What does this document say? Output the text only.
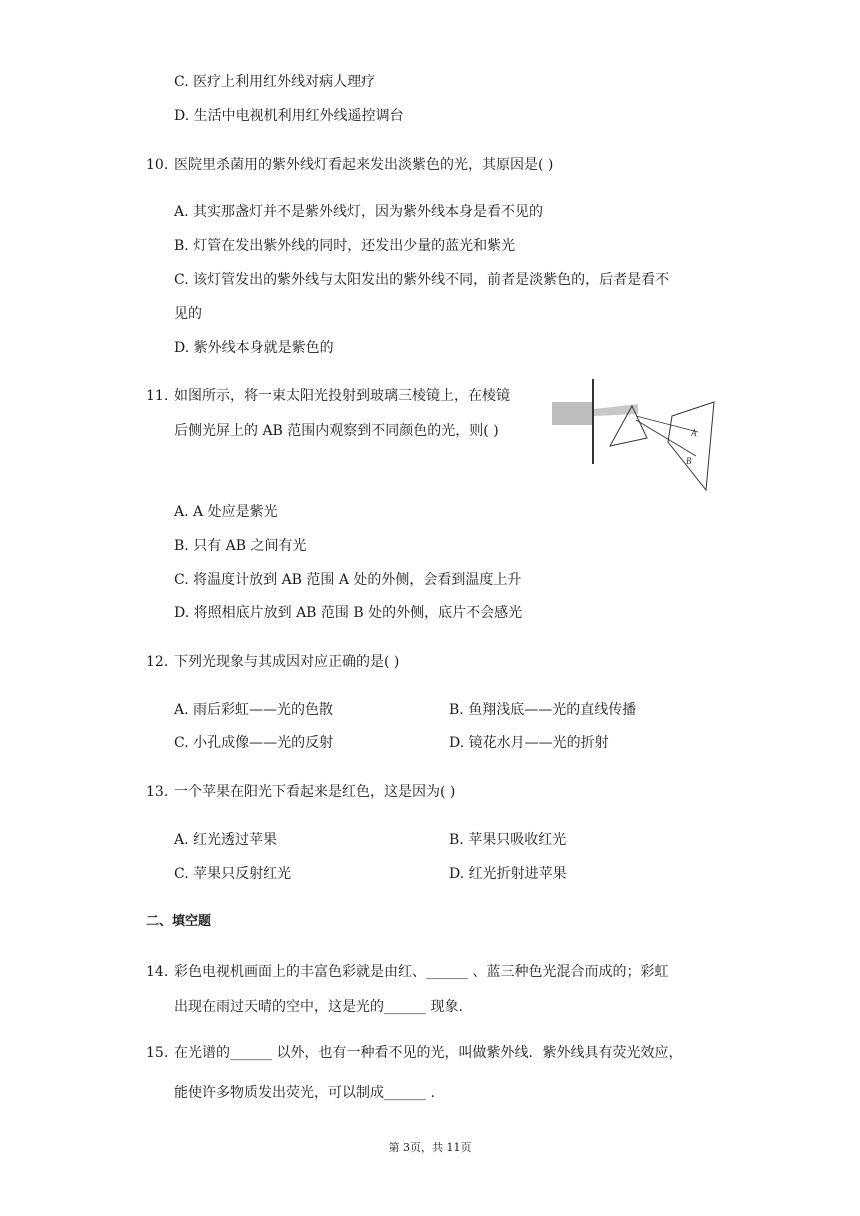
C. 医疗上利用红外线对病人理疗
D. 生活中电视机利用红外线遥控调台
10. 医院里杀菌用的紫外线灯看起来发出淡紫色的光，其原因是( )
A. 其实那盏灯并不是紫外线灯，因为紫外线本身是看不见的
B. 灯管在发出紫外线的同时，还发出少量的蓝光和紫光
C. 该灯管发出的紫外线与太阳发出的紫外线不同，前者是淡紫色的，后者是看不
见的
D. 紫外线本身就是紫色的
11. 如图所示，将一束太阳光投射到玻璃三棱镜上，在棱镜
后侧光屏上的 AB 范围内观察到不同颜色的光，则( )	A
B
A. A 处应是紫光
B. 只有 AB 之间有光
C. 将温度计放到 AB 范围 A 处的外侧，会看到温度上升
D. 将照相底片放到 AB 范围 B 处的外侧，底片不会感光
12. 下列光现象与其成因对应正确的是( )
A. 雨后彩虹——光的色散	B. 鱼翔浅底——光的直线传播
C. 小孔成像——光的反射	D. 镜花水月——光的折射
13. 一个苹果在阳光下看起来是红色，这是因为( )
A. 红光透过苹果	B. 苹果只吸收红光
C. 苹果只反射红光	D. 红光折射进苹果
二、填空题
14. 彩色电视机画面上的丰富色彩就是由红、______ 、蓝三种色光混合而成的；彩虹
出现在雨过天晴的空中，这是光的______ 现象.
15. 在光谱的______ 以外，也有一种看不见的光，叫做紫外线．紫外线具有荧光效应，
能使许多物质发出荧光，可以制成______ .
第 3页，共 11页
